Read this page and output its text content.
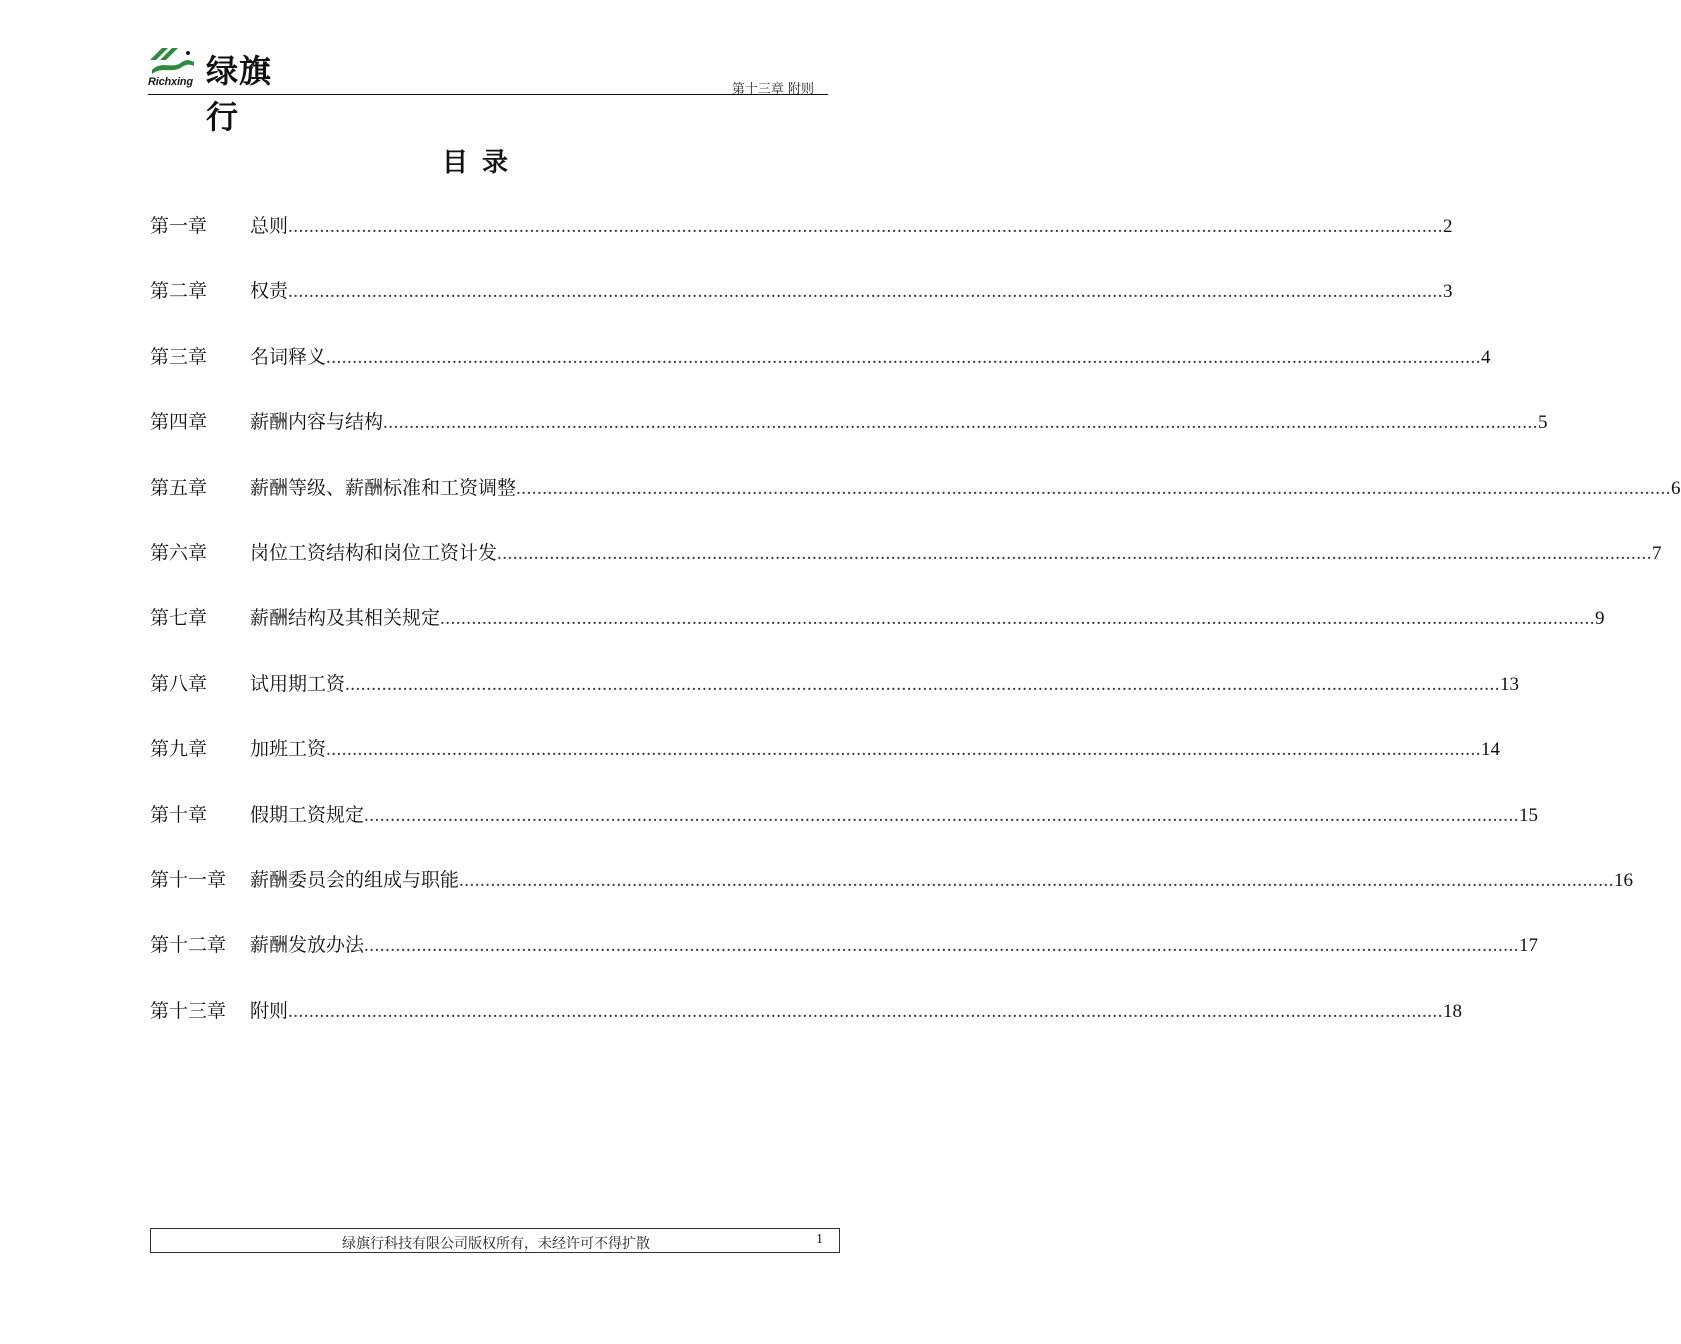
Richxing 绿旗行
第十三章 附则
目录
第一章	总则 ............................................................................................................................................................................................................................ 2
第二章	权责 ............................................................................................................................................................................................................................ 3
第三章	名词释义 ............................................................................................................................................................................................................................ 4
第四章	薪酬内容与结构 ............................................................................................................................................................................................................................ 5
第五章	薪酬等级、薪酬标准和工资调整 ............................................................................................................................................................................................................................ 6
第六章	岗位工资结构和岗位工资计发 ............................................................................................................................................................................................................................ 7
第七章	薪酬结构及其相关规定 ............................................................................................................................................................................................................................ 9
第八章	试用期工资 ............................................................................................................................................................................................................................ 13
第九章	加班工资 ............................................................................................................................................................................................................................ 14
第十章	假期工资规定 ............................................................................................................................................................................................................................ 15
第十一章	薪酬委员会的组成与职能 ............................................................................................................................................................................................................................ 16
第十二章	薪酬发放办法 ............................................................................................................................................................................................................................ 17
第十三章	附则 ............................................................................................................................................................................................................................ 18
绿旗行科技有限公司版权所有，未经许可不得扩散	1
